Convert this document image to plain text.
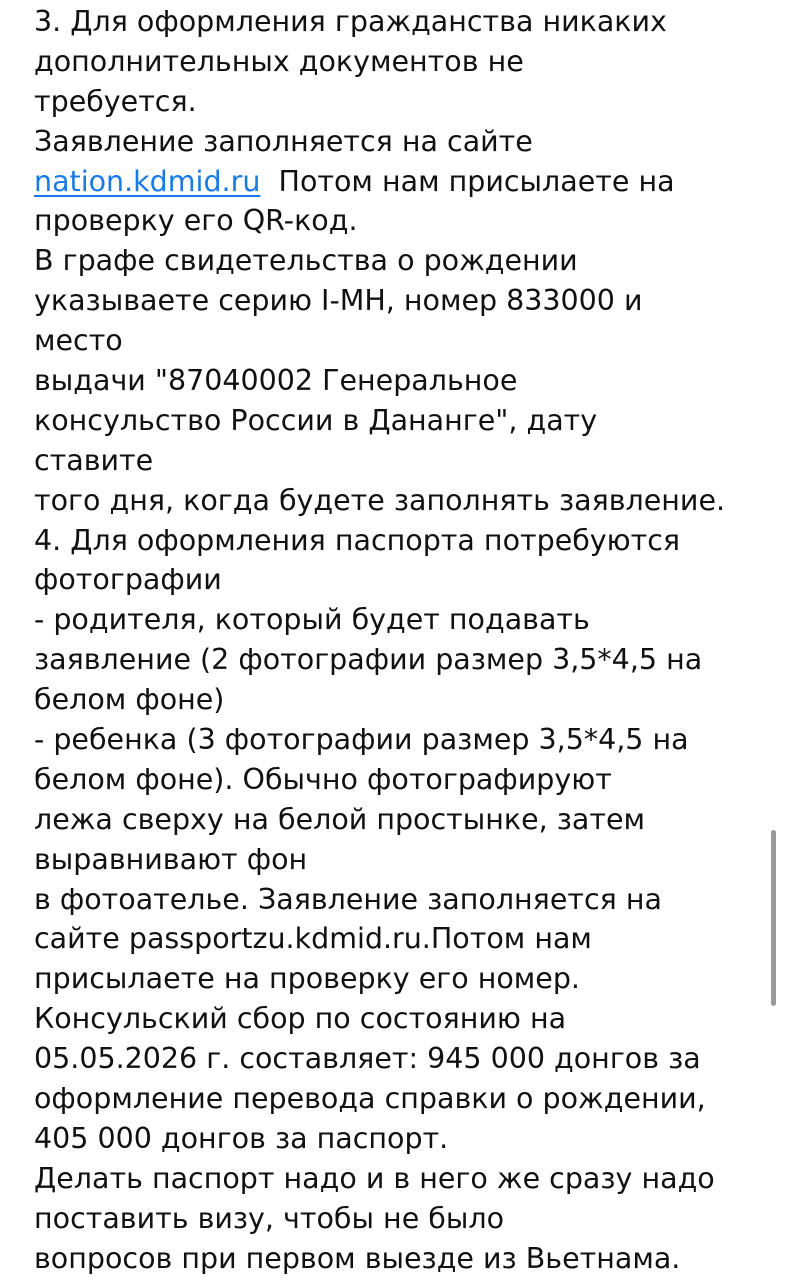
3. Для оформления гражданства никаких
дополнительных документов не
требуется.
Заявление заполняется на сайте
nation.kdmid.ru  Потом нам присылаете на
проверку его QR-код.
В графе свидетельства о рождении
указываете серию I-МН, номер 833000 и
место
выдачи "87040002 Генеральное
консульство России в Дананге", дату
ставите
того дня, когда будете заполнять заявление.
4. Для оформления паспорта потребуются
фотографии
- родителя, который будет подавать
заявление (2 фотографии размер 3,5*4,5 на
белом фоне)
- ребенка (3 фотографии размер 3,5*4,5 на
белом фоне). Обычно фотографируют
лежа сверху на белой простынке, затем
выравнивают фон
в фотоателье. Заявление заполняется на
сайте passportzu.kdmid.ru.Потом нам
присылаете на проверку его номер.
Консульский сбор по состоянию на
05.05.2026 г. составляет: 945 000 донгов за
оформление перевода справки о рождении,
405 000 донгов за паспорт.
Делать паспорт надо и в него же сразу надо
поставить визу, чтобы не было
вопросов при первом выезде из Вьетнама.
